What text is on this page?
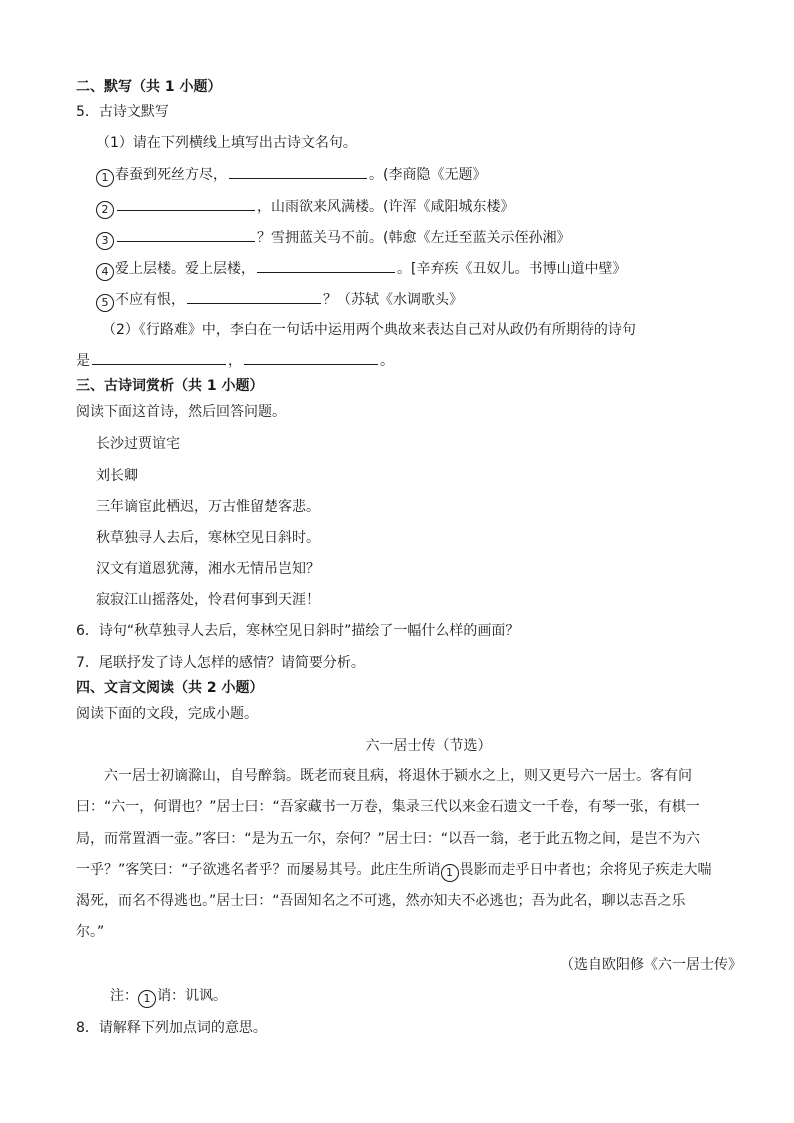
二、默写（共 1 小题）
5．古诗文默写
（1）请在下列横线上填写出古诗文名句。
1 春蚕到死丝方尽，	。(李商隐《无题》
2	，山雨欲来风满楼。(许浑《咸阳城东楼》
3	？雪拥蓝关马不前。(韩愈《左迁至蓝关示侄孙湘》
4 爱上层楼。爱上层楼，	。[辛弃疾《丑奴儿。书博山道中壁》
5 不应有恨，	？（苏轼《水调歌头》
（2）《行路难》中，李白在一句话中运用两个典故来表达自己对从政仍有所期待的诗句
是	，	。
三、古诗词赏析（共 1 小题）
阅读下面这首诗，然后回答问题。
长沙过贾谊宅
刘长卿
三年谪宦此栖迟，万古惟留楚客悲。
秋草独寻人去后，寒林空见日斜时。
汉文有道恩犹薄，湘水无情吊岂知？
寂寂江山摇落处，怜君何事到天涯！
6．诗句“秋草独寻人去后，寒林空见日斜时”描绘了一幅什么样的画面？
7．尾联抒发了诗人怎样的感情？请简要分析。
四、文言文阅读（共 2 小题）
阅读下面的文段，完成小题。
六一居士传（节选）
六一居士初谪滁山，自号醉翁。既老而衰且病，将退休于颍水之上，则又更号六一居士。客有问
曰：“六一，何谓也？”居士曰：“吾家藏书一万卷，集录三代以来金石遗文一千卷，有琴一张，有棋一
局，而常置酒一壶。”客曰：“是为五一尔，奈何？”居士曰：“以吾一翁，老于此五物之间，是岂不为六
一乎？”客笑曰：“子欲逃名者乎？而屡易其号。此庄生所诮 1 畏影而走乎日中者也；余将见子疾走大喘
渴死，而名不得逃也。”居士曰：“吾固知名之不可逃，然亦知夫不必逃也；吾为此名，聊以志吾之乐
尔。”
（选自欧阳修《六一居士传》
注： 1 诮：讥讽。
8．请解释下列加点词的意思。
